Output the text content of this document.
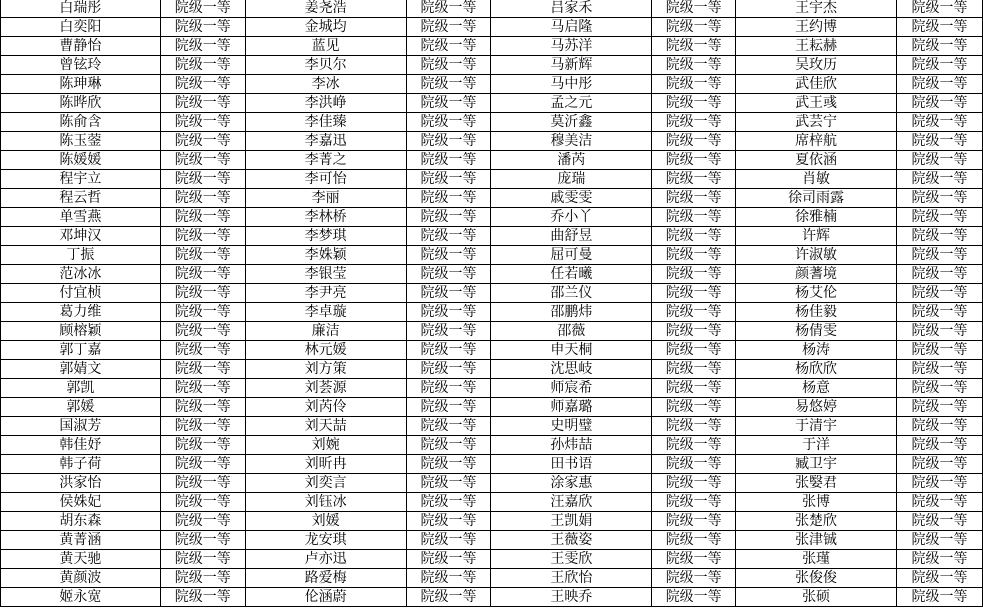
白瑞彤	院级一等	姜尧浩	院级一等	吕家禾	院级一等	王宇杰	院级一等
白奕阳	院级一等	金城均	院级一等	马启隆	院级一等	王约博	院级一等
曹静怡	院级一等	蓝见	院级一等	马苏洋	院级一等	王耘赫	院级一等
曾铉玲	院级一等	李贝尔	院级一等	马新辉	院级一等	吴玫历	院级一等
陈珅琳	院级一等	李冰	院级一等	马中彤	院级一等	武佳欣	院级一等
陈晔欣	院级一等	李洪峥	院级一等	孟之元	院级一等	武王彧	院级一等
陈俞含	院级一等	李佳臻	院级一等	莫沂鑫	院级一等	武芸宁	院级一等
陈玉蓥	院级一等	李嘉迅	院级一等	穆美洁	院级一等	席梓航	院级一等
陈媛媛	院级一等	李菁之	院级一等	潘芮	院级一等	夏依涵	院级一等
程宇立	院级一等	李可怡	院级一等	庞瑞	院级一等	肖敏	院级一等
程云哲	院级一等	李丽	院级一等	戚雯雯	院级一等	徐司雨露	院级一等
单雪燕	院级一等	李林桥	院级一等	乔小丫	院级一等	徐雅楠	院级一等
邓坤汉	院级一等	李梦琪	院级一等	曲舒昱	院级一等	许辉	院级一等
丁振	院级一等	李姝颖	院级一等	屈可曼	院级一等	许淑敏	院级一等
范冰冰	院级一等	李银莹	院级一等	任若曦	院级一等	颜蓍境	院级一等
付宜桢	院级一等	李尹亮	院级一等	邵兰仪	院级一等	杨艾伦	院级一等
葛力维	院级一等	李卓璇	院级一等	邵鹏炜	院级一等	杨佳毅	院级一等
顾榕颖	院级一等	廉洁	院级一等	邵薇	院级一等	杨倩雯	院级一等
郭丁嘉	院级一等	林元媛	院级一等	申天桐	院级一等	杨涛	院级一等
郭婧文	院级一等	刘方策	院级一等	沈思岐	院级一等	杨欣欣	院级一等
郭凯	院级一等	刘荟源	院级一等	师宸希	院级一等	杨意	院级一等
郭媛	院级一等	刘芮伶	院级一等	师嘉璐	院级一等	易悠婷	院级一等
国淑芳	院级一等	刘天喆	院级一等	史明璧	院级一等	于清宇	院级一等
韩佳妤	院级一等	刘婉	院级一等	孙炜喆	院级一等	于洋	院级一等
韩子荷	院级一等	刘昕冉	院级一等	田书语	院级一等	臧卫宇	院级一等
洪家怡	院级一等	刘奕言	院级一等	涂家惠	院级一等	张嫛君	院级一等
侯姝妃	院级一等	刘钰冰	院级一等	汪嘉欣	院级一等	张博	院级一等
胡东森	院级一等	刘媛	院级一等	王凯娟	院级一等	张楚欣	院级一等
黄菁涵	院级一等	龙安琪	院级一等	王薇姿	院级一等	张津铖	院级一等
黄天驰	院级一等	卢亦迅	院级一等	王雯欣	院级一等	张瑾	院级一等
黄颜波	院级一等	路爱梅	院级一等	王欣怡	院级一等	张俊俊	院级一等
姬永宽	院级一等	伦涵蔚	院级一等	王映乔	院级一等	张硕	院级一等
